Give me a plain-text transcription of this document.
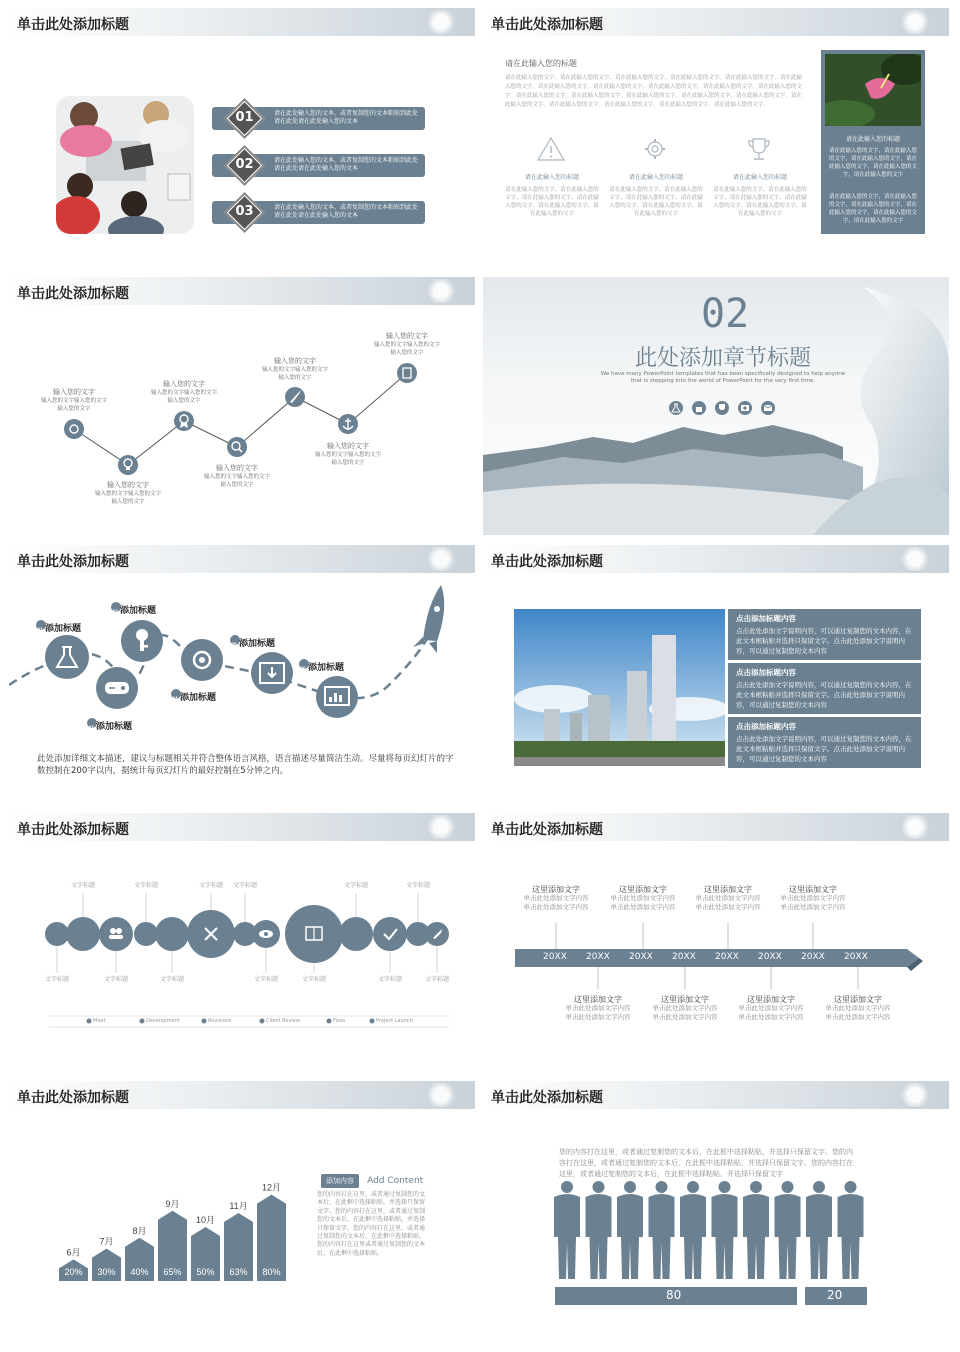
单击此处添加标题
01	请在此处输入您的文本，或者复制您的文本粘贴到此处请在此处请在此处输入您的文本
02	请在此处输入您的文本，或者复制您的文本粘贴到此处请在此处请在此处输入您的文本
03	请在此处输入您的文本，或者复制您的文本粘贴到此处请在此处请在此处输入您的文本
单击此处添加标题
请在此输入您的标题
请在此输入您的文字。请在此输入您的文字。请在此输入您的文字。请在此输入您的文字。请在此输入您的文字。请在此输入您的文字。请在此输入您的文字。请在此输入您的文字。请在此输入您的文字。请在此输入您的文字。请在此输入您的文字。请在此输入您的文字。请在此输入您的文字。请在此输入您的文字。请在此输入您的文字。请在此输入您的文字。请在此输入您的文字。请在此输入您的文字。请在此输入您的文字。请在此输入您的文字。请在此输入您的文字。
请在此输入您的标题
请在此输入您的文字，请在此输入您的文字，请在此输入您的文字，请在此输入您的文字，请在此输入您的文字，请在此输入您的文字
请在此输入您的标题
请在此输入您的文字，请在此输入您的文字，请在此输入您的文字，请在此输入您的文字，请在此输入您的文字，请在此输入您的文字
请在此输入您的标题
请在此输入您的文字，请在此输入您的文字，请在此输入您的文字，请在此输入您的文字，请在此输入您的文字，请在此输入您的文字
请在此输入您的标题
请在此输入您的文字，请在此输入您的文字，请在此输入您的文字，请在此输入您的文字，请在此输入您的文字，请在此输入您的文字
请在此输入您的文字，请在此输入您的文字，请在此输入您的文字，请在此输入您的文字，请在此输入您的文字，请在此输入您的文字
单击此处添加标题
输入您的文字
输入您的文字输入您的文字输入您的文字
输入您的文字
输入您的文字输入您的文字输入您的文字
输入您的文字
输入您的文字输入您的文字输入您的文字
输入您的文字
输入您的文字输入您的文字输入您的文字
输入您的文字
输入您的文字输入您的文字输入您的文字
输入您的文字
输入您的文字输入您的文字输入您的文字
输入您的文字
输入您的文字输入您的文字输入您的文字
02
此处添加章节标题
We have many PowerPoint templates that has been specifically designed to help anyone
that is stepping into the world of PowerPoint for the very first time.
单击此处添加标题
01 添加标题
02 添加标题
03 添加标题
04 添加标题
05 添加标题
06 添加标题
此处添加详细文本描述，建议与标题相关并符合整体语言风格，语言描述尽量简洁生动。尽量将每页幻灯片的字数控制在200字以内，据统计每页幻灯片的最好控制在5分钟之内。
单击此处添加标题
点击添加标题内容
点击此处添加文字说明内容，可以通过复制您的文本内容，在此文本框粘贴并选择只保留文字。点击此处添加文字说明内容，可以通过复制您的文本内容
点击添加标题内容
点击此处添加文字说明内容，可以通过复制您的文本内容，在此文本框粘贴并选择只保留文字。点击此处添加文字说明内容，可以通过复制您的文本内容
点击添加标题内容
点击此处添加文字说明内容，可以通过复制您的文本内容，在此文本框粘贴并选择只保留文字。点击此处添加文字说明内容，可以通过复制您的文本内容
单击此处添加标题
文字标题	文字标题	文字标题	文字标题	文字标题	文字标题
文字标题	文字标题	文字标题	文字标题	文字标题	文字标题	文字标题
Meet	Development	Revisions	Client Review	Fixes	Project Launch
单击此处添加标题
20XX 20XX 20XX 20XX 20XX 20XX 20XX 20XX
这里添加文字
单击此处添加文字内容
单击此处添加文字内容
这里添加文字
单击此处添加文字内容
单击此处添加文字内容
这里添加文字
单击此处添加文字内容
单击此处添加文字内容
这里添加文字
单击此处添加文字内容
单击此处添加文字内容
这里添加文字
单击此处添加文字内容
单击此处添加文字内容
这里添加文字
单击此处添加文字内容
单击此处添加文字内容
这里添加文字
单击此处添加文字内容
单击此处添加文字内容
这里添加文字
单击此处添加文字内容
单击此处添加文字内容
单击此处添加标题
20%
6月
30%
7月
40%
8月
65%
9月
50%
10月
63%
11月
80%
12月
添加内容 Add Content
您的内容打在这里，或者通过复制您的文本后，在此框中选择粘贴，并选择只保留文字。您的内容打在这里，或者通过复制您的文本后，在此框中选择粘贴，并选择只保留文字。您的内容打在这里，或者通过复制您的文本后，在此框中选择粘贴，您的内容打在这里或者通过复制您的文本后，在此框中选择粘贴。
单击此处添加标题
您的内容打在这里，或者通过复制您的文本后，在此框中选择粘贴，并选择只保留文字。您的内容打在这里，或者通过复制您的文本后，在此框中选择粘贴，并选择只保留文字。您的内容打在这里，或者通过复制您的文本后，在此框中选择粘贴，并选择只保留文字
80	20
